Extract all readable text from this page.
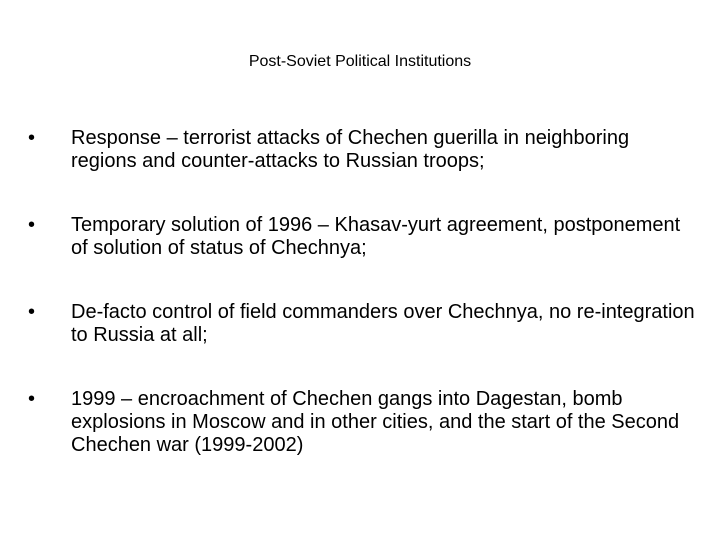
Post-Soviet Political Institutions
•	Response – terrorist attacks of Chechen guerilla in neighboring regions and counter-attacks to Russian troops;
•	Temporary solution of 1996 – Khasav-yurt agreement, postponement of solution of status of Chechnya;
•	De-facto control of field commanders over Chechnya, no re-integration to Russia at all;
•	1999 – encroachment of Chechen gangs into Dagestan, bomb explosions in Moscow and in other cities, and the start of the Second Chechen war (1999-2002)
